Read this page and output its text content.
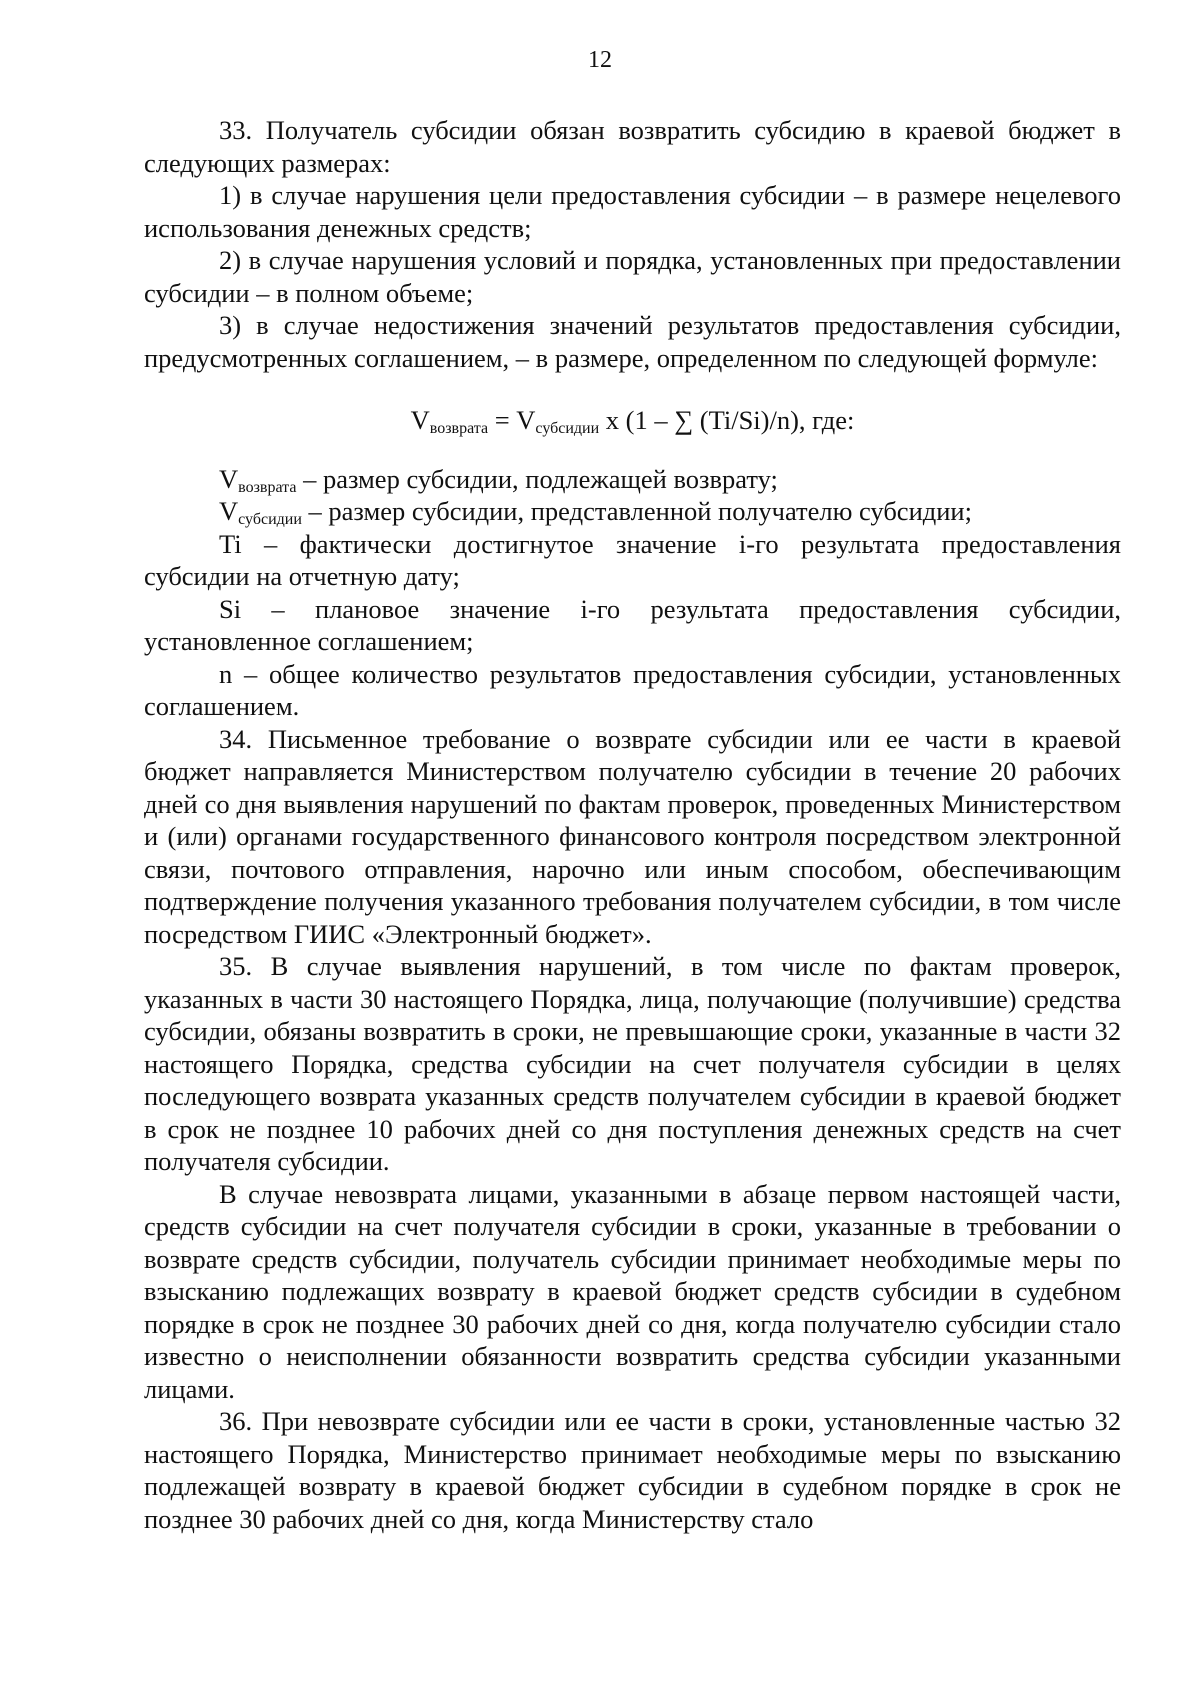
12

33. Получатель субсидии обязан возвратить субсидию в краевой бюджет в следующих размерах:

1) в случае нарушения цели предоставления субсидии – в размере нецелевого использования денежных средств;

2) в случае нарушения условий и порядка, установленных при предоставлении субсидии – в полном объеме;

3) в случае недостижения значений результатов предоставления субсидии, предусмотренных соглашением, – в размере, определенном по следующей формуле:

$V_{возврата} = V_{субсидии}$ x (1 – ∑ (Ti/Si)/n), где:

$V_{возврата}$ – размер субсидии, подлежащей возврату;

$V_{субсидии}$ – размер субсидии, представленной получателю субсидии;

Ti – фактически достигнутое значение i-го результата предоставления субсидии на отчетную дату;

Si – плановое значение i-го результата предоставления субсидии, установленное соглашением;

n – общее количество результатов предоставления субсидии, установленных соглашением.

34. Письменное требование о возврате субсидии или ее части в краевой бюджет направляется Министерством получателю субсидии в течение 20 рабочих дней со дня выявления нарушений по фактам проверок, проведенных Министерством и (или) органами государственного финансового контроля посредством электронной связи, почтового отправления, нарочно или иным способом, обеспечивающим подтверждение получения указанного требования получателем субсидии, в том числе посредством ГИИС «Электронный бюджет».

35. В случае выявления нарушений, в том числе по фактам проверок, указанных в части 30 настоящего Порядка, лица, получающие (получившие) средства субсидии, обязаны возвратить в сроки, не превышающие сроки, указанные в части 32 настоящего Порядка, средства субсидии на счет получателя субсидии в целях последующего возврата указанных средств получателем субсидии в краевой бюджет в срок не позднее 10 рабочих дней со дня поступления денежных средств на счет получателя субсидии.

В случае невозврата лицами, указанными в абзаце первом настоящей части, средств субсидии на счет получателя субсидии в сроки, указанные в требовании о возврате средств субсидии, получатель субсидии принимает необходимые меры по взысканию подлежащих возврату в краевой бюджет средств субсидии в судебном порядке в срок не позднее 30 рабочих дней со дня, когда получателю субсидии стало известно о неисполнении обязанности возвратить средства субсидии указанными лицами.

36. При невозврате субсидии или ее части в сроки, установленные частью 32 настоящего Порядка, Министерство принимает необходимые меры по взысканию подлежащей возврату в краевой бюджет субсидии в судебном порядке в срок не позднее 30 рабочих дней со дня, когда Министерству стало
